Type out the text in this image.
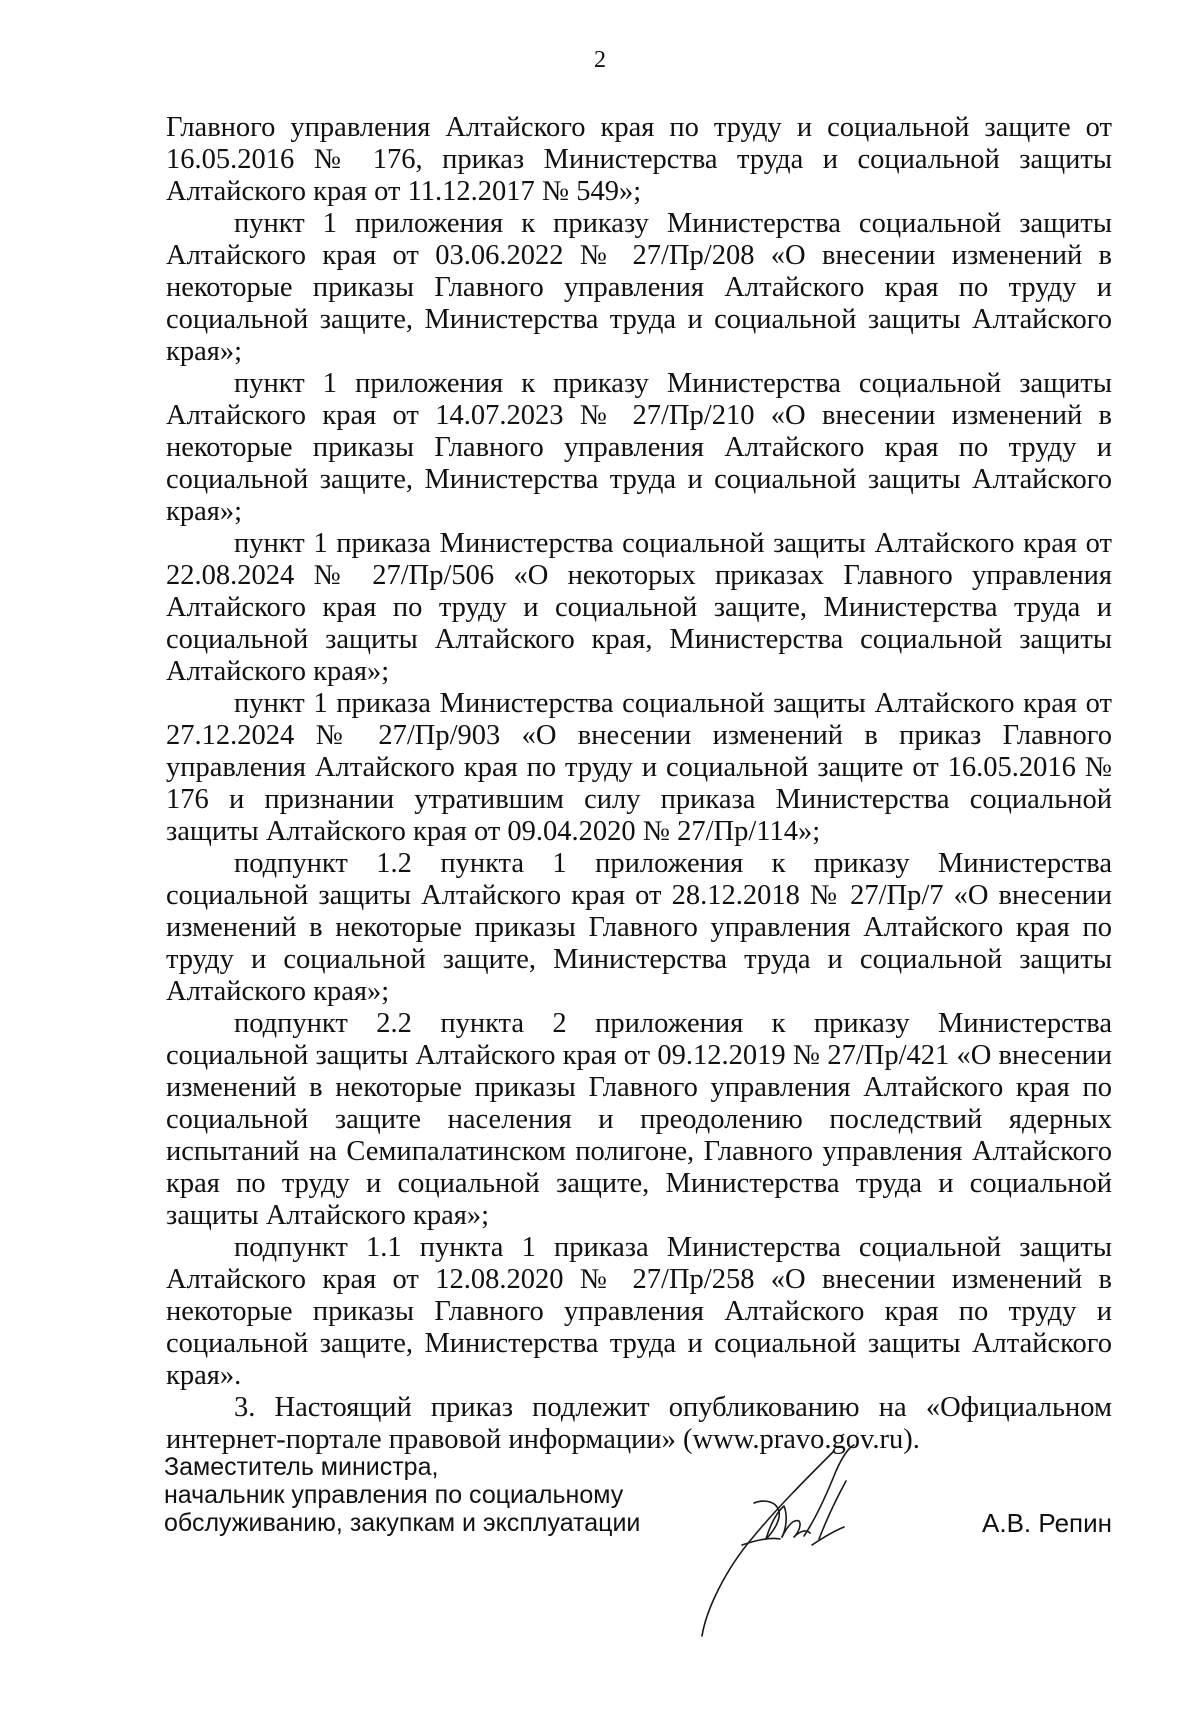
2

Главного управления Алтайского края по труду и социальной защите от 16.05.2016 № 176, приказ Министерства труда и социальной защиты Алтайского края от 11.12.2017 № 549»;

пункт 1 приложения к приказу Министерства социальной защиты Алтайского края от 03.06.2022 № 27/Пр/208 «О внесении изменений в некоторые приказы Главного управления Алтайского края по труду и социальной защите, Министерства труда и социальной защиты Алтайского края»;

пункт 1 приложения к приказу Министерства социальной защиты Алтайского края от 14.07.2023 № 27/Пр/210 «О внесении изменений в некоторые приказы Главного управления Алтайского края по труду и социальной защите, Министерства труда и социальной защиты Алтайского края»;

пункт 1 приказа Министерства социальной защиты Алтайского края от 22.08.2024 № 27/Пр/506 «О некоторых приказах Главного управления Алтайского края по труду и социальной защите, Министерства труда и социальной защиты Алтайского края, Министерства социальной защиты Алтайского края»;

пункт 1 приказа Министерства социальной защиты Алтайского края от 27.12.2024 № 27/Пр/903 «О внесении изменений в приказ Главного управления Алтайского края по труду и социальной защите от 16.05.2016 № 176 и признании утратившим силу приказа Министерства социальной защиты Алтайского края от 09.04.2020 № 27/Пр/114»;

подпункт 1.2 пункта 1 приложения к приказу Министерства социальной защиты Алтайского края от 28.12.2018 № 27/Пр/7 «О внесении изменений в некоторые приказы Главного управления Алтайского края по труду и социальной защите, Министерства труда и социальной защиты Алтайского края»;

подпункт 2.2 пункта 2 приложения к приказу Министерства социальной защиты Алтайского края от 09.12.2019 № 27/Пр/421 «О внесении изменений в некоторые приказы Главного управления Алтайского края по социальной защите населения и преодолению последствий ядерных испытаний на Семипалатинском полигоне, Главного управления Алтайского края по труду и социальной защите, Министерства труда и социальной защиты Алтайского края»;

подпункт 1.1 пункта 1 приказа Министерства социальной защиты Алтайского края от 12.08.2020 № 27/Пр/258 «О внесении изменений в некоторые приказы Главного управления Алтайского края по труду и социальной защите, Министерства труда и социальной защиты Алтайского края».

3. Настоящий приказ подлежит опубликованию на «Официальном интернет-портале правовой информации» (www.pravo.gov.ru).

Заместитель министра,
начальник управления по социальному
обслуживанию, закупкам и эксплуатации	А.В. Репин
